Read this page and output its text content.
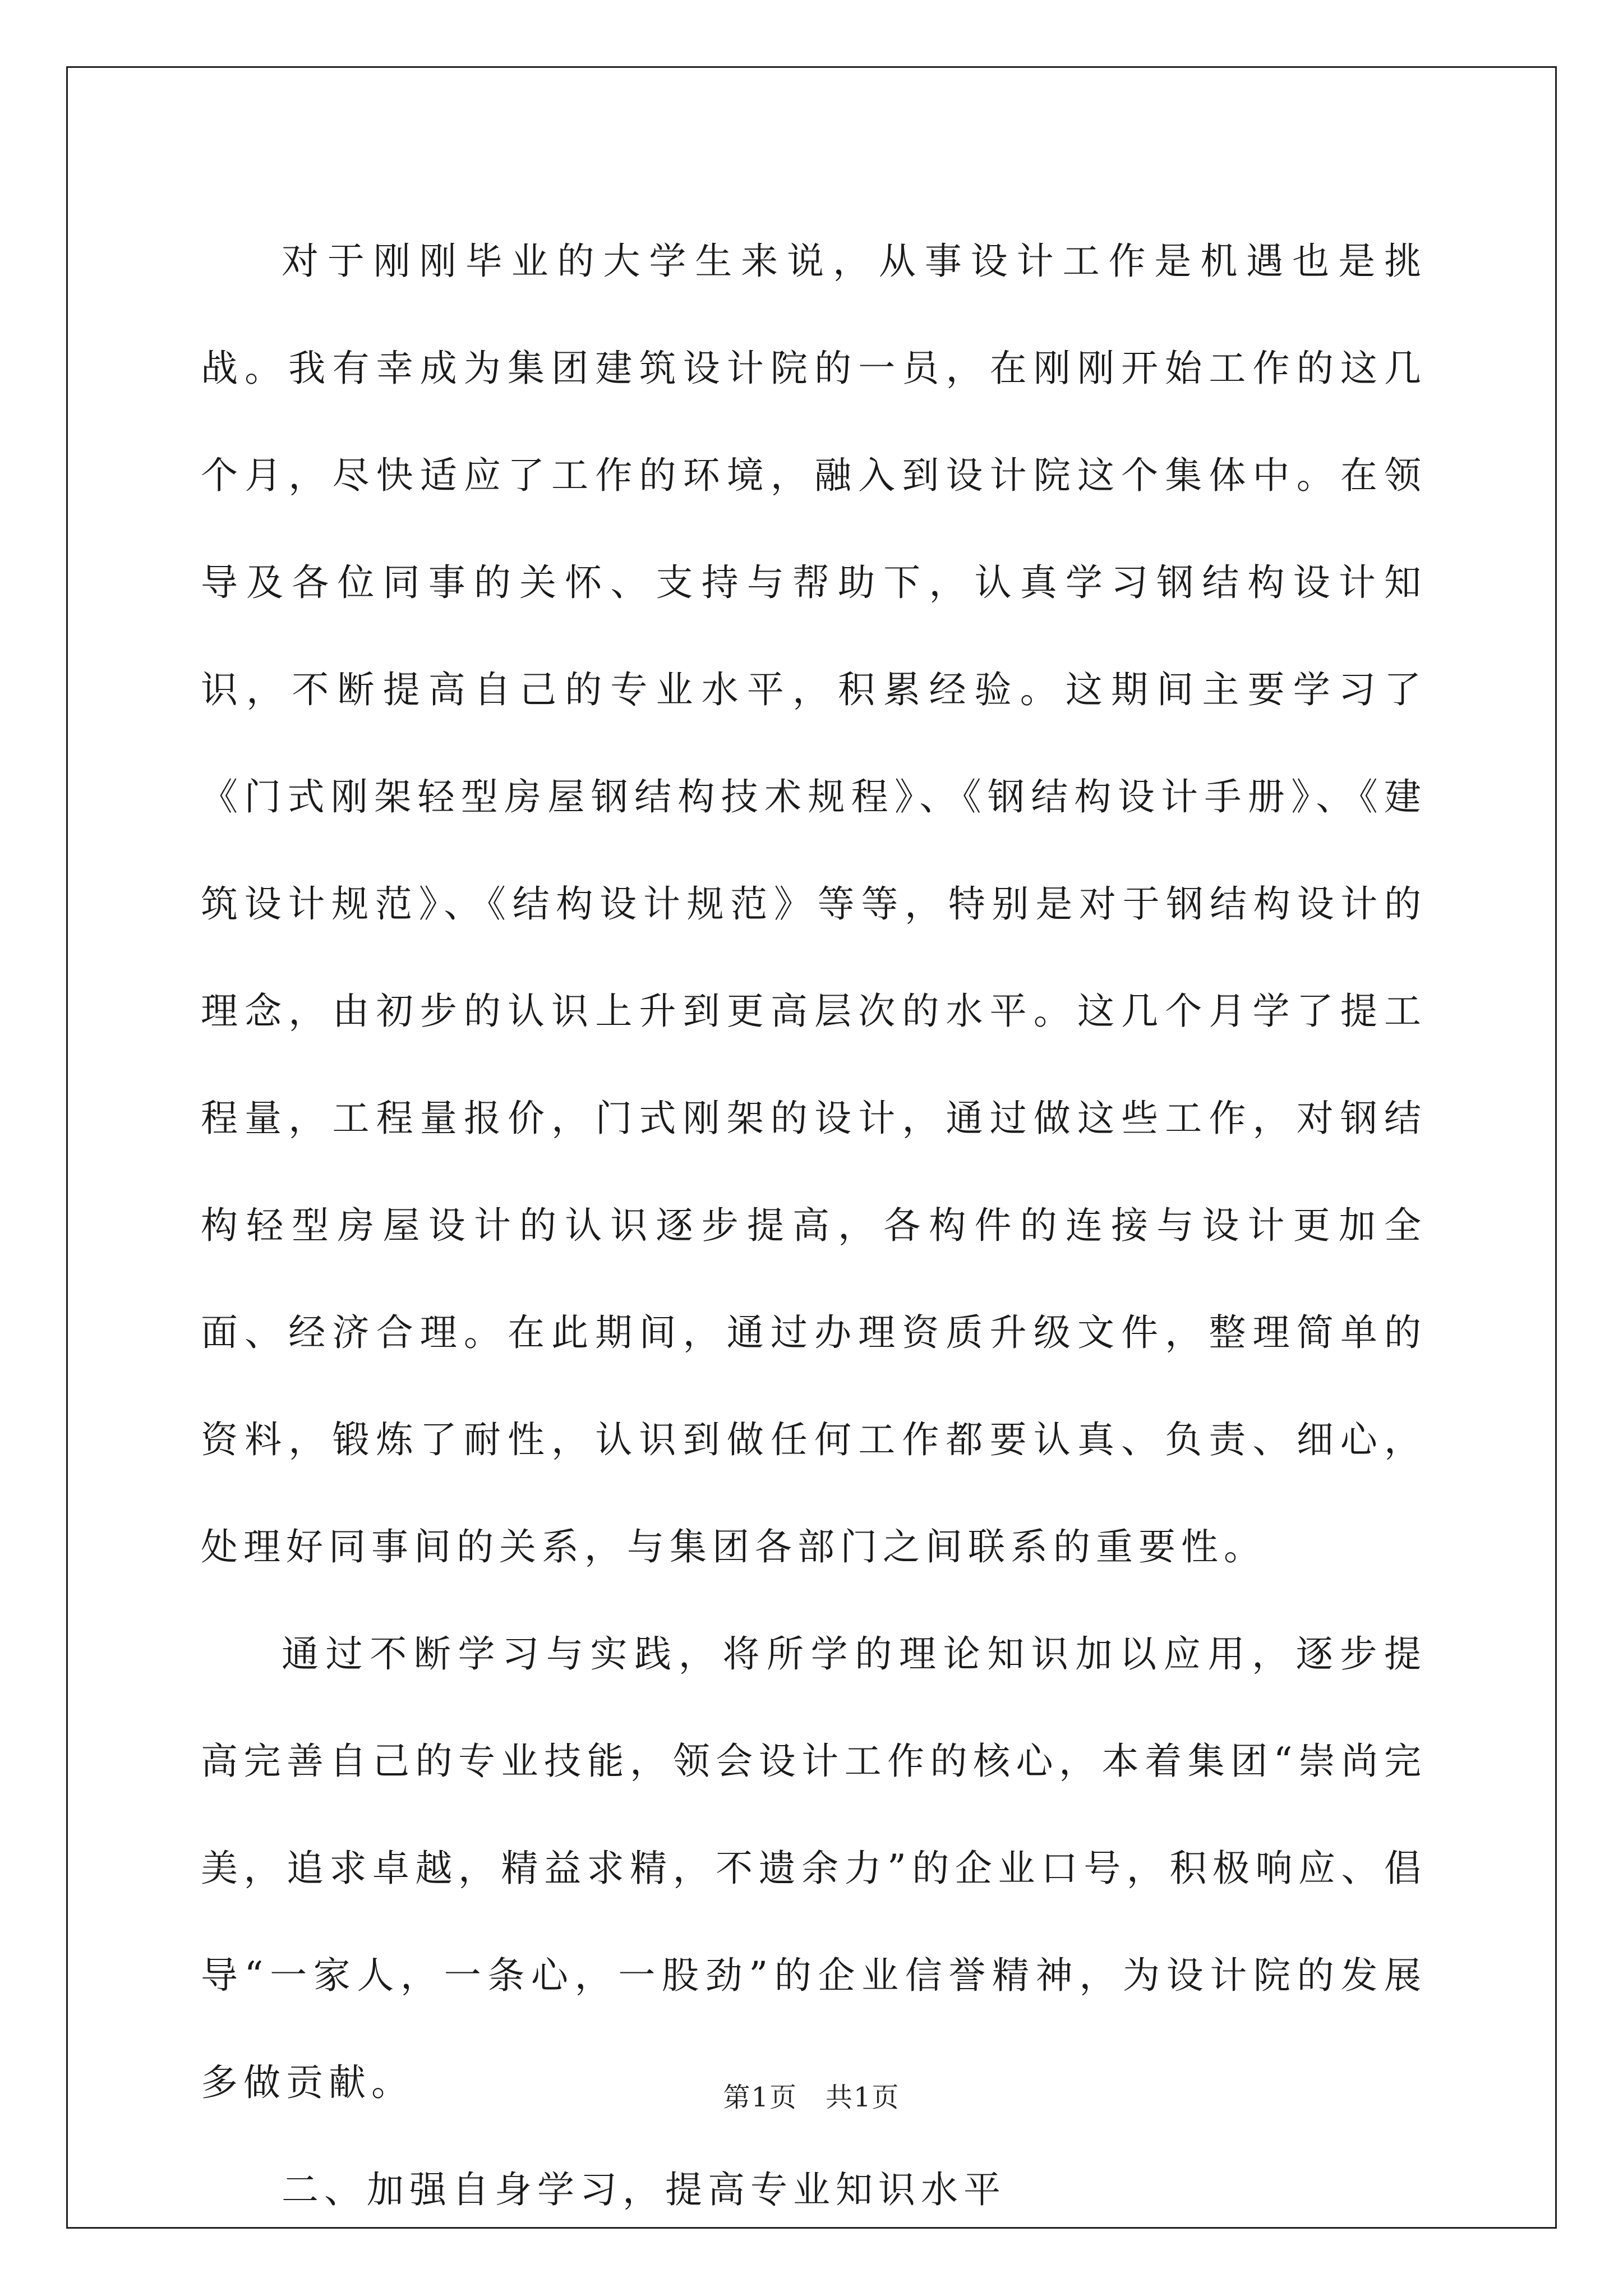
对于刚刚毕业的大学生来说，从事设计工作是机遇也是挑战。我有幸成为集团建筑设计院的一员，在刚刚开始工作的这几个月，尽快适应了工作的环境，融入到设计院这个集体中。在领导及各位同事的关怀、支持与帮助下，认真学习钢结构设计知识，不断提高自己的专业水平，积累经验。这期间主要学习了《门式刚架轻型房屋钢结构技术规程》、《钢结构设计手册》、《建筑设计规范》、《结构设计规范》等等，特别是对于钢结构设计的理念，由初步的认识上升到更高层次的水平。这几个月学了提工程量，工程量报价，门式刚架的设计，通过做这些工作，对钢结构轻型房屋设计的认识逐步提高，各构件的连接与设计更加全面、经济合理。在此期间，通过办理资质升级文件，整理简单的资料，锻炼了耐性，认识到做任何工作都要认真、负责、细心，处理好同事间的关系，与集团各部门之间联系的重要性。

通过不断学习与实践，将所学的理论知识加以应用，逐步提高完善自己的专业技能，领会设计工作的核心，本着集团“崇尚完美，追求卓越，精益求精，不遗余力”的企业口号，积极响应、倡导“一家人，一条心，一股劲”的企业信誉精神，为设计院的发展多做贡献。

二、加强自身学习，提高专业知识水平

第1页　共1页
